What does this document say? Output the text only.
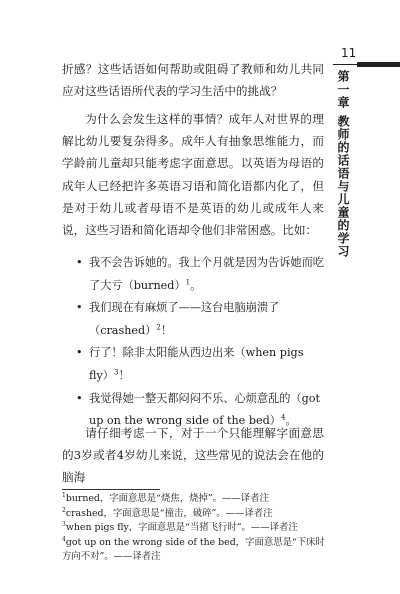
11
第一章
教师的话语与儿童的学习

折感？这些话语如何帮助或阻碍了教师和幼儿共同应对这些话语所代表的学习生活中的挑战？

为什么会发生这样的事情？成年人对世界的理解比幼儿要复杂得多。成年人有抽象思维能力，而学龄前儿童却只能考虑字面意思。以英语为母语的成年人已经把许多英语习语和简化语都内化了，但是对于幼儿或者母语不是英语的幼儿或成年人来说，这些习语和简化语却令他们非常困惑。比如：

• 我不会告诉她的。我上个月就是因为告诉她而吃了大亏（burned）$^1$。
• 我们现在有麻烦了——这台电脑崩溃了（crashed）$^2$！
• 行了！除非太阳能从西边出来（when pigs fly）$^3$！
• 我觉得她一整天都闷闷不乐、心烦意乱的（got up on the wrong side of the bed）$^4$。

请仔细考虑一下，对于一个只能理解字面意思的3岁或者4岁幼儿来说，这些常见的说法会在他的脑海

$^1$burned，字面意思是“烧焦，烧掉”。——译者注
$^2$crashed，字面意思是“撞击，破碎”。——译者注
$^3$when pigs fly，字面意思是“当猪飞行时”。——译者注
$^4$got up on the wrong side of the bed，字面意思是“下床时方向不对”。——译者注
